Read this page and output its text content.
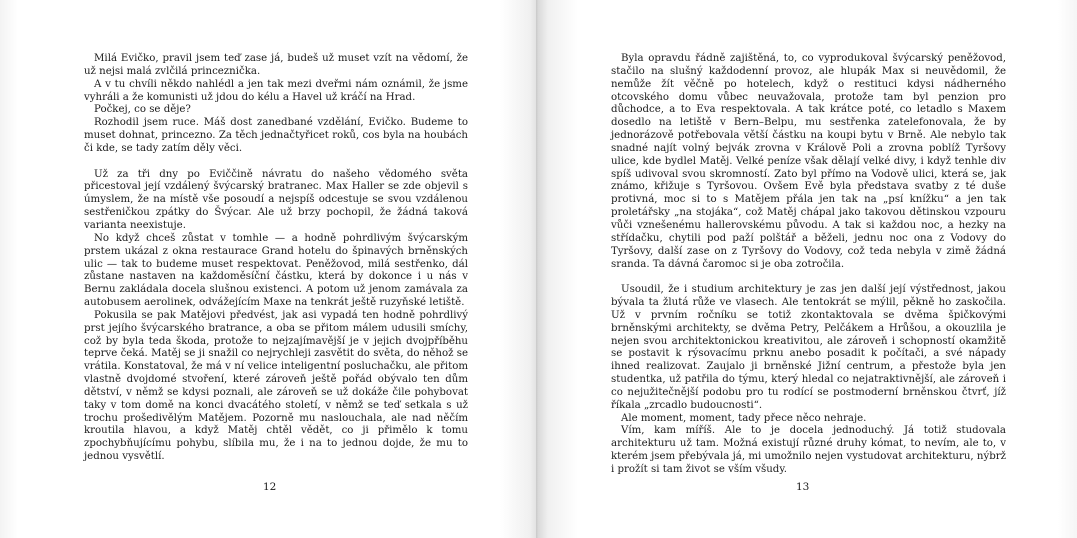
Milá Evičko, pravil jsem teď zase já, budeš už muset vzít na vědomí, že už nejsi malá zvlčilá princeznička.

A v tu chvíli někdo nahlédl a jen tak mezi dveřmi nám oznámil, že jsme vyhráli a že komunisti už jdou do kélu a Havel už kráčí na Hrad.

Počkej, co se děje?

Rozhodil jsem ruce. Máš dost zanedbané vzdělání, Evičko. Budeme to muset dohnat, princezno. Za těch jednačtyřicet roků, cos byla na houbách či kde, se tady zatím děly věci.

Už za tři dny po Eviččině návratu do našeho vědomého světa přicestoval její vzdálený švýcarský bratranec. Max Haller se zde objevil s úmyslem, že na místě vše posoudí a nejspíš odcestuje se svou vzdálenou sestřeničkou zpátky do Švýcar. Ale už brzy pochopil, že žádná taková varianta neexistuje.

No když chceš zůstat v tomhle — a hodně pohrdlivým švýcarským prstem ukázal z okna restaurace Grand hotelu do špinavých brněnských ulic — tak to budeme muset respektovat. Peněžovod, milá sestřenko, dál zůstane nastaven na každoměsíční částku, která by dokonce i u nás v Bernu zakládala docela slušnou existenci. A potom už jenom zamávala za autobusem aerolinek, odvážejícím Maxe na tenkrát ještě ruzyňské letiště.

Pokusila se pak Matějovi předvést, jak asi vypadá ten hodně pohrdlivý prst jejího švýcarského bratrance, a oba se přitom málem udusili smíchy, což by byla teda škoda, protože to nejzajímavější je v jejich dvojpříběhu teprve čeká. Matěj se ji snažil co nejrychleji zasvětit do světa, do něhož se vrátila. Konstatoval, že má v ní velice inteligentní posluchačku, ale přitom vlastně dvojdomé stvoření, které zároveň ještě pořád obývalo ten dům dětství, v němž se kdysi poznali, ale zároveň se už dokáže čile pohybovat taky v tom domě na konci dvacátého století, v němž se teď setkala s už trochu prošedivělým Matějem. Pozorně mu naslouchala, ale nad něčím kroutila hlavou, a když Matěj chtěl vědět, co ji přimělo k tomu zpochybňujícímu pohybu, slíbila mu, že i na to jednou dojde, že mu to jednou vysvětlí.

12

Byla opravdu řádně zajištěná, to, co vyprodukoval švýcarský peněžovod, stačilo na slušný každodenní provoz, ale hlupák Max si neuvědomil, že nemůže žít věčně po hotelech, když o restituci kdysi nádherného otcovského domu vůbec neuvažovala, protože tam byl penzion pro důchodce, a to Eva respektovala. A tak krátce poté, co letadlo s Maxem dosedlo na letiště v Bern–Belpu, mu sestřenka zatelefonovala, že by jednorázově potřebovala větší částku na koupi bytu v Brně. Ale nebylo tak snadné najít volný bejvák zrovna v Králově Poli a zrovna poblíž Tyršovy ulice, kde bydlel Matěj. Velké peníze však dělají velké divy, i když tenhle div spíš udivoval svou skromností. Zato byl přímo na Vodově ulici, která se, jak známo, křižuje s Tyršovou. Ovšem Evě byla představa svatby z té duše protivná, moc si to s Matějem přála jen tak na „psí knížku“ a jen tak proletářsky „na stojáka“, což Matěj chápal jako takovou dětinskou vzpouru vůči vznešenému hallerovskému původu. A tak si každou noc, a hezky na střídačku, chytili pod paží polštář a běželi, jednu noc ona z Vodovy do Tyršovy, další zase on z Tyršovy do Vodovy, což teda nebyla v zimě žádná sranda. Ta dávná čaromoc si je oba zotročila.

Usoudil, že i studium architektury je zas jen další její výstřednost, jakou bývala ta žlutá růže ve vlasech. Ale tentokrát se mýlil, pěkně ho zaskočila. Už v prvním ročníku se totiž zkontaktovala se dvěma špičkovými brněnskými architekty, se dvěma Petry, Pelčákem a Hrůšou, a okouzlila je nejen svou architektonickou kreativitou, ale zároveň i schopností okamžitě se postavit k rýsovacímu prknu anebo posadit k počítači, a své nápady ihned realizovat. Zaujalo ji brněnské Jižní centrum, a přestože byla jen studentka, už patřila do týmu, který hledal co nejatraktivnější, ale zároveň i co nejužitečnější podobu pro tu rodící se postmoderní brněnskou čtvrť, jíž říkala „zrcadlo budoucnosti“.

Ale moment, moment, tady přece něco nehraje.

Vím, kam míříš. Ale to je docela jednoduchý. Já totiž studovala architekturu už tam. Možná existují různé druhy kómat, to nevím, ale to, v kterém jsem přebývala já, mi umožnilo nejen vystudovat architekturu, nýbrž i prožít si tam život se vším všudy.

13
